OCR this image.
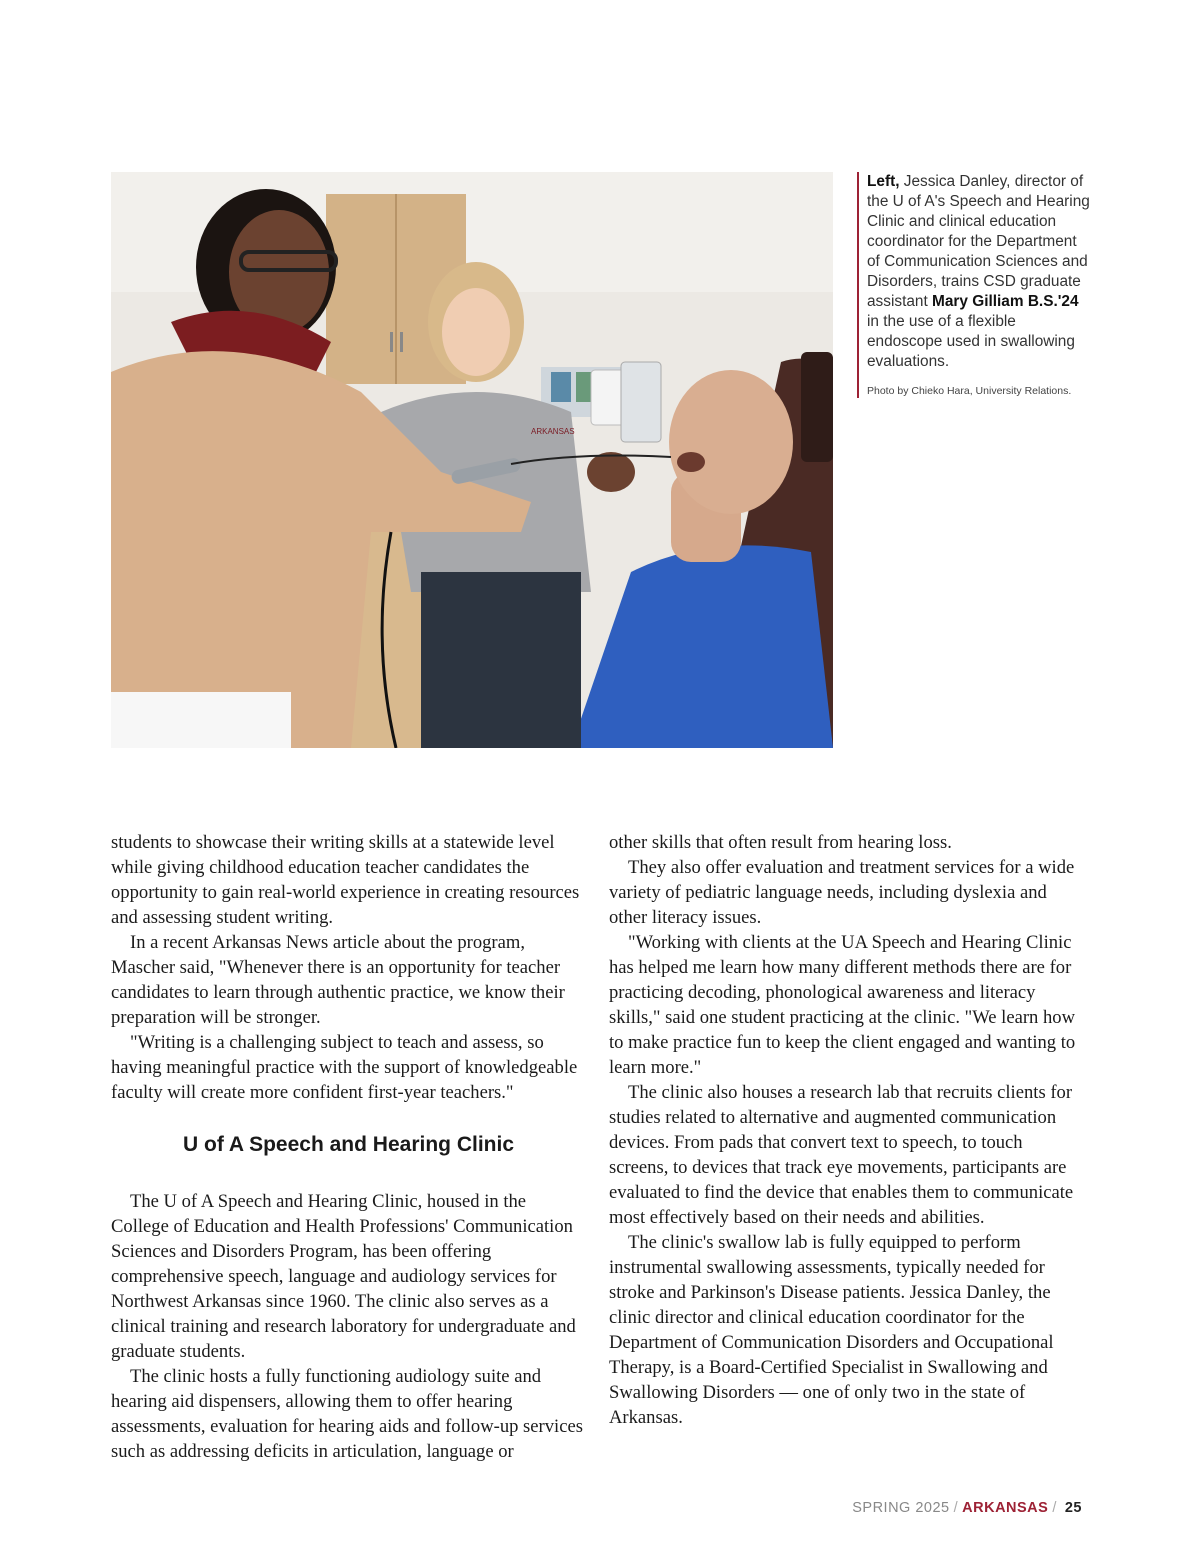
ARKANSAS
Left, Jessica Danley, director of the U of A's Speech and Hearing Clinic and clinical education coordinator for the Department of Communication Sciences and Disorders, trains CSD graduate assistant Mary Gilliam B.S.'24 in the use of a flexible endoscope used in swallowing evaluations.
Photo by Chieko Hara, University Relations.

students to showcase their writing skills at a statewide level while giving childhood education teacher candidates the opportunity to gain real-world experience in creating resources and assessing student writing.

In a recent Arkansas News article about the program, Mascher said, "Whenever there is an opportunity for teacher candidates to learn through authentic practice, we know their preparation will be stronger.

"Writing is a challenging subject to teach and assess, so having meaningful practice with the support of knowledgeable faculty will create more confident first-year teachers."

U of A Speech and Hearing Clinic

The U of A Speech and Hearing Clinic, housed in the College of Education and Health Professions' Communication Sciences and Disorders Program, has been offering comprehensive speech, language and audiology services for Northwest Arkansas since 1960. The clinic also serves as a clinical training and research laboratory for undergraduate and graduate students.

The clinic hosts a fully functioning audiology suite and hearing aid dispensers, allowing them to offer hearing assessments, evaluation for hearing aids and follow-up services such as addressing deficits in articulation, language or

other skills that often result from hearing loss.

They also offer evaluation and treatment services for a wide variety of pediatric language needs, including dyslexia and other literacy issues.

"Working with clients at the UA Speech and Hearing Clinic has helped me learn how many different methods there are for practicing decoding, phonological awareness and literacy skills," said one student practicing at the clinic. "We learn how to make practice fun to keep the client engaged and wanting to learn more."

The clinic also houses a research lab that recruits clients for studies related to alternative and augmented communication devices. From pads that convert text to speech, to touch screens, to devices that track eye movements, participants are evaluated to find the device that enables them to communicate most effectively based on their needs and abilities.

The clinic's swallow lab is fully equipped to perform instrumental swallowing assessments, typically needed for stroke and Parkinson's Disease patients. Jessica Danley, the clinic director and clinical education coordinator for the Department of Communication Disorders and Occupational Therapy, is a Board-Certified Specialist in Swallowing and Swallowing Disorders — one of only two in the state of Arkansas.

SPRING 2025 / ARKANSAS / 25
